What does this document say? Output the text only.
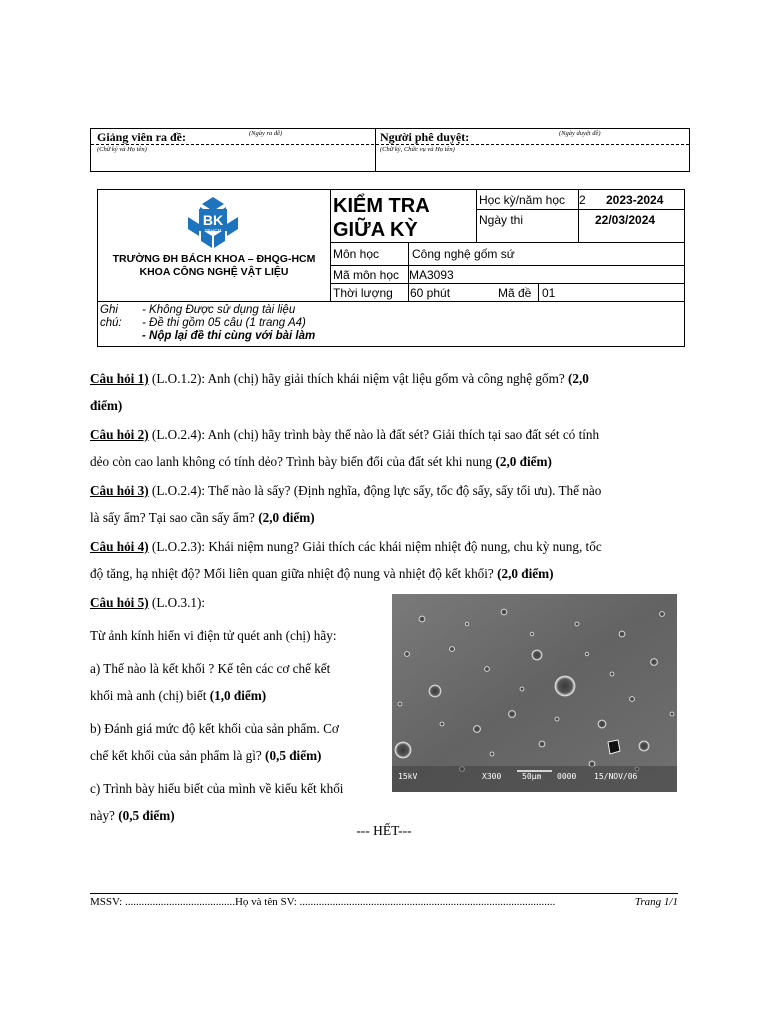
Giảng viên ra đề:	(Ngày ra đề)
(Chữ ký và Họ tên)
Người phê duyệt:	(Ngày duyệt đề)
(Chữ ký, Chức vụ và Họ tên)
BK
TP.HCM
TRƯỜNG ĐH BÁCH KHOA – ĐHQG-HCM
KHOA CÔNG NGHỆ VẬT LIỆU
KIỂM TRA
GIỮA KỲ
Học kỳ/năm học 2 2023-2024
Ngày thi	22/03/2024
Môn học	Công nghệ gốm sứ
Mã môn học MA3093
Thời lượng 60 phút	Mã đề 01
Ghi
chú:
- Không Được sử dụng tài liệu
- Đề thi gồm 05 câu (1 trang A4)
- Nộp lại đề thi cùng với bài làm
Câu hỏi 1) (L.O.1.2): Anh (chị) hãy giải thích khái niệm vật liệu gốm và công nghệ gốm? (2,0
điểm)
Câu hỏi 2) (L.O.2.4): Anh (chị) hãy trình bày thế nào là đất sét? Giải thích tại sao đất sét có tính
dẻo còn cao lanh không có tính dẻo? Trình bày biến đổi của đất sét khi nung (2,0 điểm)
Câu hỏi 3) (L.O.2.4): Thế nào là sấy? (Định nghĩa, động lực sấy, tốc độ sấy, sấy tối ưu). Thế nào
là sấy ẩm? Tại sao cần sấy ẩm? (2,0 điểm)
Câu hỏi 4) (L.O.2.3): Khái niệm nung? Giải thích các khái niệm nhiệt độ nung, chu kỳ nung, tốc
độ tăng, hạ nhiệt độ? Mối liên quan giữa nhiệt độ nung và nhiệt độ kết khối? (2,0 điểm)
Câu hỏi 5) (L.O.3.1):
Từ ảnh kính hiển vi điện tử quét anh (chị) hãy:
a) Thế nào là kết khối ? Kể tên các cơ chế kết
khối mà anh (chị) biết (1,0 điểm)
b) Đánh giá mức độ kết khối của sản phẩm. Cơ
chế kết khối của sản phẩm là gì? (0,5 điểm)
c) Trình bày hiểu biết của mình về kiểu kết khối
này? (0,5 điểm)
15kV	X300	50μm 0000 15/NOV/06
--- HẾT---
MSSV: ........................................Họ và tên SV: .............................................................................................	Trang 1/1
